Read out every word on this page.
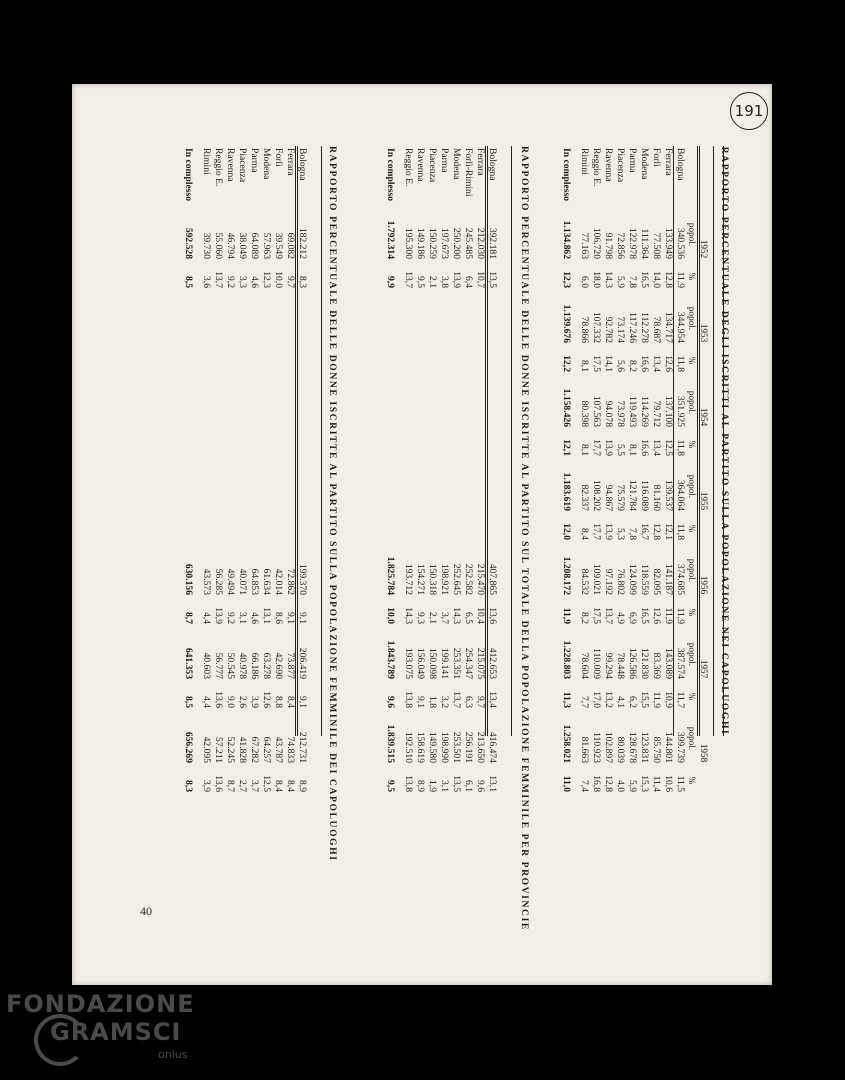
191
40
RAPPORTO PERCENTUALE DEGLI ISCRITTI AL PARTITO SULLA POPOLAZIONE NEI CAPOLUOGHI
	1952		1953		1954		1955		1956		1957		1958	
	popol.	%	popol.	%	popol.	%	popol.	%	popol.	%	popol.	%	popol.	%
Bologna	340.536	11,9	344.954	11,8	351.925	11,8	364.064	11,8	374.685	11,9	387.574	11,7	399.739	11,5
Ferrara	133.949	12,8	134.717	12,6	137.100	12,5	139.537	12,1	141.187	11,9	143.089	10,9	144.801	10,6
Forlì	77.508	14,0	78.687	13,4	79.712	13,4	81.160	12,8	82.095	12,6	83.369	11,9	85.750	11,4
Modena	111.364	16,5	112.278	16,6	114.269	16,6	116.089	16,7	118.559	16,5	121.830	15,5	123.831	15,3
Parma	122.978	7,8	117.246	8,2	119.493	8,1	121.784	7,8	124.099	6,9	126.586	6,2	128.678	5,9
Piacenza	72.856	5,9	73.174	5,6	73.978	5,5	75.579	5,3	76.802	4,9	78.448	4,1	80.039	4,0
Ravenna	91.798	14,3	92.782	14,1	94.078	13,9	94.867	13,9	97.192	13,7	99.294	13,2	102.897	12,8
Reggio E.	106.720	18,0	107.332	17,5	107.563	17,7	108.202	17,7	109.021	17,5	110.009	17,0	110.923	16,8
Rimini	77.163	6,0	78.866	8,1	80.398	8,1	82.337	8,4	84.532	8,2	78.604	7,7	81.663	7,4
In complesso	1.134.862	12,3	1.139.676	12,2	1.158.426	12,1	1.183.619	12,0	1.208.172	11,9	1.228.803	11,3	1.258.021	11,0
RAPPORTO PERCENTUALE DELLE DONNE ISCRITTE AL PARTITO SUL TOTALE DELLA POPOLAZIONE FEMMINILE PER PROVINCIE
Bologna	392.181	13,5							407.865	13,6	412.653	13,4	416.474	13,1
Ferrara	212.030	10,7							215.470	10,4	215.075	9,7	213.650	9,6
Forlì-Rimini	245.485	6,4							252.582	6,5	254.347	6,3	256.191	6,1
Modena	250.200	13,9							252.645	14,3	253.351	13,7	253.501	13,5
Parma	197.673	3,8							198.921	3,7	199.141	3,2	198.990	3,1
Piacenza	150.259	2,1							150.318	2,1	150.098	1,8	149.580	1,9
Ravenna	149.186	9,5							154.271	9,3	156.049	9,1	158.619	8,9
Reggio E.	195.300	13,7							193.712	14,3	193.075	13,8	192.510	13,8
In complesso	1.792.314	9,9							1.825.784	10,0	1.843.789	9,6	1.839.515	9,5
RAPPORTO PERCENTUALE DELLE DONNE ISCRITTE AL PARTITO SULLA POPOLAZIONE FEMMINILE DEI CAPOLUOGHI
Bologna	182.212	8,3							199.370	9,1	206.419	9,1	212.731	8,9
Ferrara	69.082	9,7							72.862	9,1	73.877	8,4	74.833	8,4
Forlì	39.549	10,0							42.014	8,6	42.690	8,8	43.787	8,4
Modena	57.963	12,3							61.634	13,1	63.278	12,6	64.257	12,5
Parma	64.089	4,6							64.853	4,6	66.186	3,9	67.282	3,7
Piacenza	38.049	3,3							40.071	3,1	40.978	2,6	41.828	2,7
Ravenna	46.794	9,2							49.494	9,2	50.545	9,0	52.245	8,7
Reggio E.	55.060	13,7							56.285	13,9	56.777	13,6	57.211	13,6
Rimini	39.730	3,6							43.573	4,4	40.603	4,4	42.095	3,9
In complesso	592.528	8,5							630.156	8,7	641.353	8,5	656.269	8,3
FONDAZIONE
GRAMSCI
onlus
